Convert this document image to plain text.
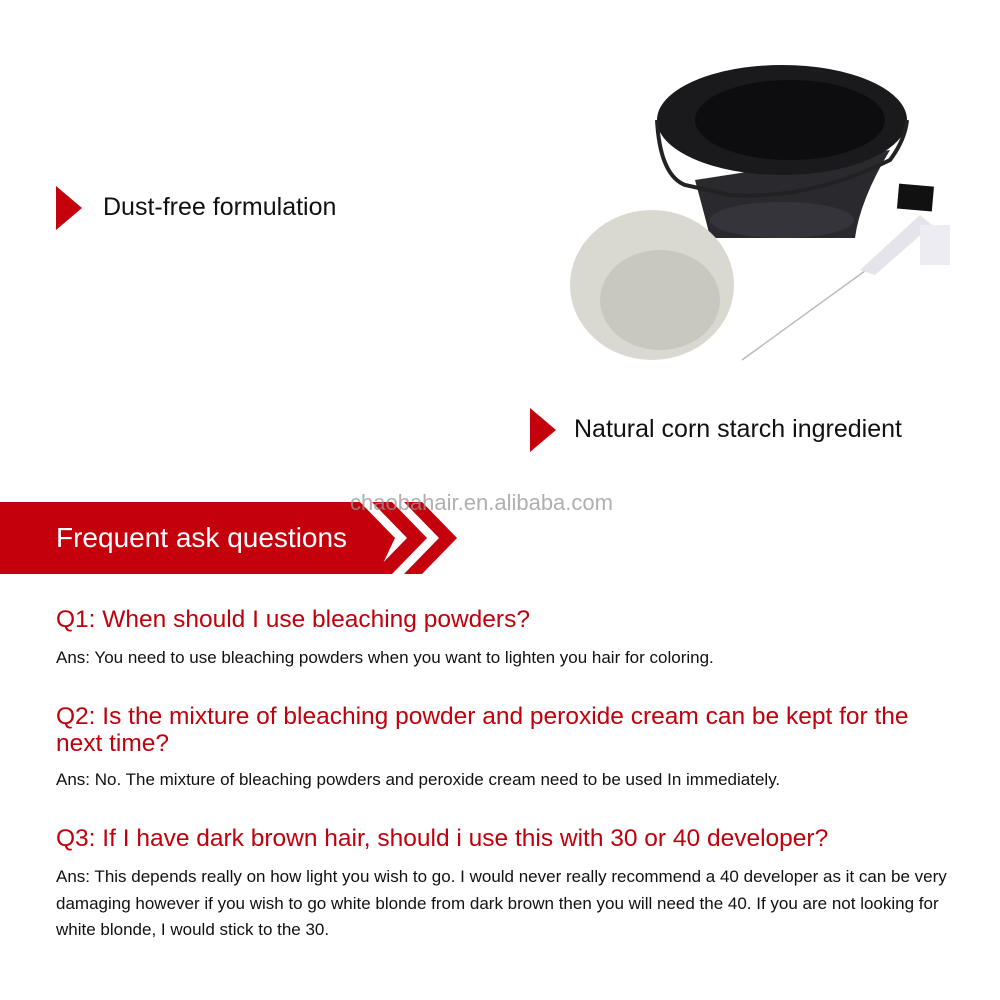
Dust-free formulation
Natural corn starch ingredient
Frequent ask questions
chaobahair.en.alibaba.com
Q1: When should I use bleaching powders?
Ans: You need to use bleaching powders when you want to lighten you hair for coloring.
Q2: Is the mixture of bleaching powder and peroxide cream can be kept for the next time?
Ans: No. The mixture of bleaching powders and peroxide cream need to be used In immediately.
Q3: If I have dark brown hair, should i use this with 30 or 40 developer?
Ans: This depends really on how light you wish to go. I would never really recommend a 40 developer as it can be very damaging however if you wish to go white blonde from dark brown then you will need the 40. If you are not looking for white blonde, I would stick to the 30.
